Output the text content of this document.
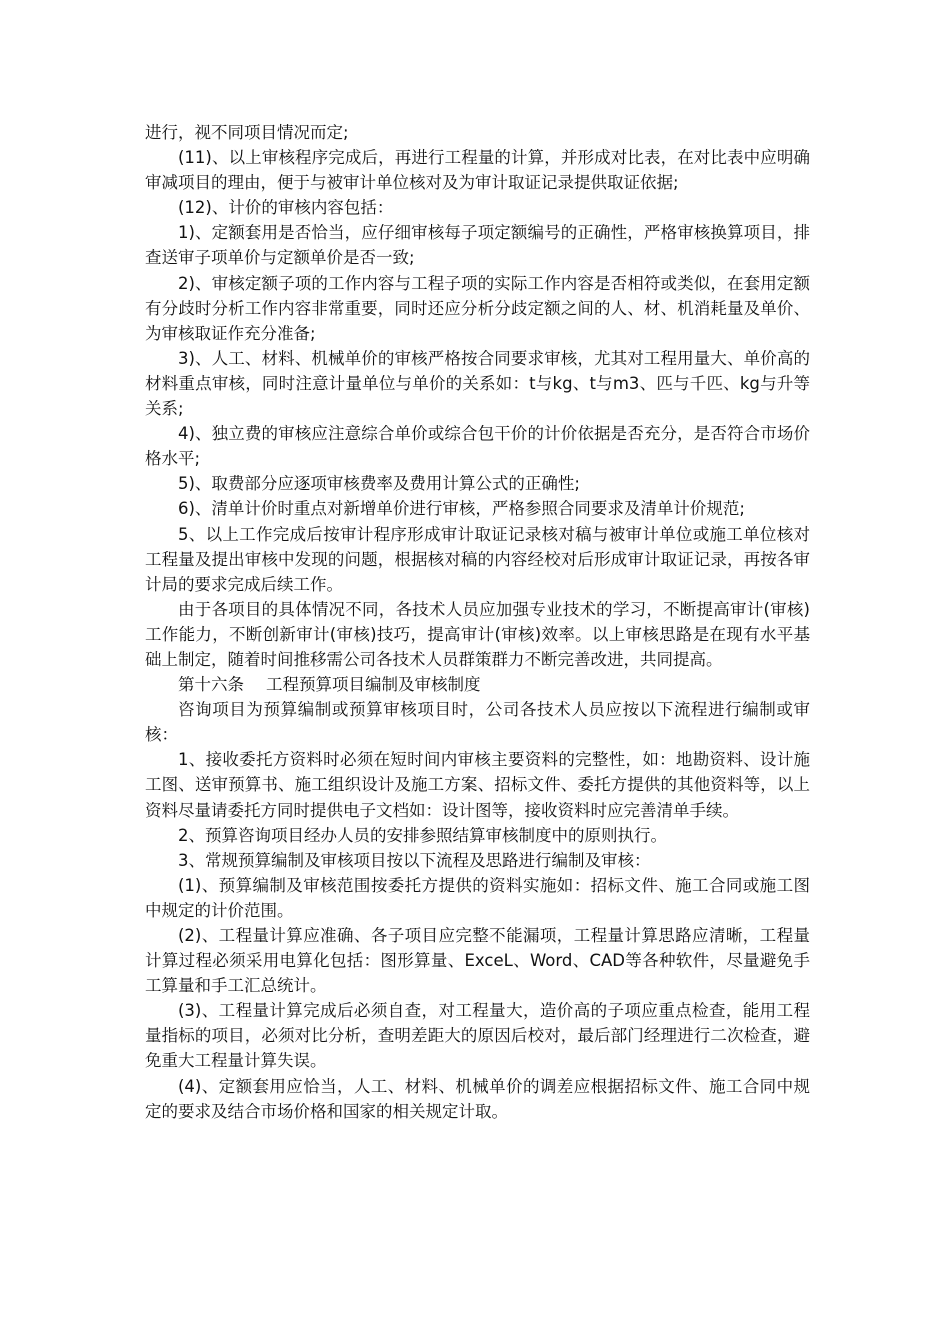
进行，视不同项目情况而定;

(11)、以上审核程序完成后，再进行工程量的计算，并形成对比表，在对比表中应明确审减项目的理由，便于与被审计单位核对及为审计取证记录提供取证依据;

(12)、计价的审核内容包括：

1)、定额套用是否恰当，应仔细审核每子项定额编号的正确性，严格审核换算项目，排查送审子项单价与定额单价是否一致;

2)、审核定额子项的工作内容与工程子项的实际工作内容是否相符或类似，在套用定额有分歧时分析工作内容非常重要，同时还应分析分歧定额之间的人、材、机消耗量及单价、为审核取证作充分准备;

3)、人工、材料、机械单价的审核严格按合同要求审核，尤其对工程用量大、单价高的材料重点审核，同时注意计量单位与单价的关系如：t与kg、t与m3、匹与千匹、kg与升等关系;

4)、独立费的审核应注意综合单价或综合包干价的计价依据是否充分，是否符合市场价格水平;

5)、取费部分应逐项审核费率及费用计算公式的正确性;

6)、清单计价时重点对新增单价进行审核，严格参照合同要求及清单计价规范;

5、以上工作完成后按审计程序形成审计取证记录核对稿与被审计单位或施工单位核对工程量及提出审核中发现的问题，根据核对稿的内容经校对后形成审计取证记录，再按各审计局的要求完成后续工作。

由于各项目的具体情况不同，各技术人员应加强专业技术的学习，不断提高审计(审核)工作能力，不断创新审计(审核)技巧，提高审计(审核)效率。以上审核思路是在现有水平基础上制定，随着时间推移需公司各技术人员群策群力不断完善改进，共同提高。

第十六条 工程预算项目编制及审核制度

咨询项目为预算编制或预算审核项目时，公司各技术人员应按以下流程进行编制或审核：

1、接收委托方资料时必须在短时间内审核主要资料的完整性，如：地勘资料、设计施工图、送审预算书、施工组织设计及施工方案、招标文件、委托方提供的其他资料等，以上资料尽量请委托方同时提供电子文档如：设计图等，接收资料时应完善清单手续。

2、预算咨询项目经办人员的安排参照结算审核制度中的原则执行。

3、常规预算编制及审核项目按以下流程及思路进行编制及审核：

(1)、预算编制及审核范围按委托方提供的资料实施如：招标文件、施工合同或施工图中规定的计价范围。

(2)、工程量计算应准确、各子项目应完整不能漏项，工程量计算思路应清晰，工程量计算过程必须采用电算化包括：图形算量、ExceL、Word、CAD等各种软件，尽量避免手工算量和手工汇总统计。

(3)、工程量计算完成后必须自查，对工程量大，造价高的子项应重点检查，能用工程量指标的项目，必须对比分析，查明差距大的原因后校对，最后部门经理进行二次检查，避免重大工程量计算失误。

(4)、定额套用应恰当，人工、材料、机械单价的调差应根据招标文件、施工合同中规定的要求及结合市场价格和国家的相关规定计取。
